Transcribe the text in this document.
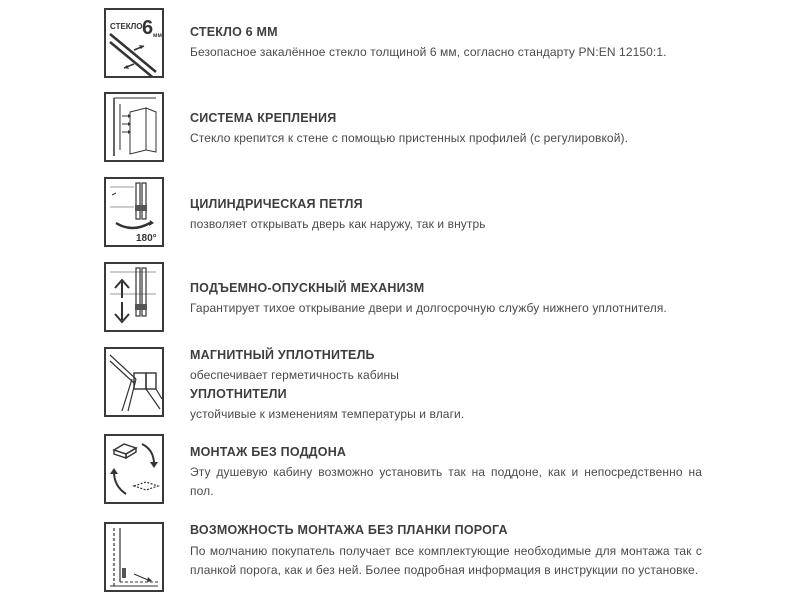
СТЕКЛО 6 мм СТЕКЛО 6 ММ

Безопасное закалённое стекло толщиной 6 мм, согласно стандарту PN:EN 12150:1.

СИСТЕМА КРЕПЛЕНИЯ

Стекло крепится к стене с помощью пристенных профилей (с регулировкой).

180°

ЦИЛИНДРИЧЕСКАЯ ПЕТЛЯ

позволяет открывать дверь как наружу, так и внутрь

ПОДЪЕМНО-ОПУСКНЫЙ МЕХАНИЗМ

Гарантирует тихое открывание двери и долгосрочную службу нижнего уплотнителя.

МАГНИТНЫЙ УПЛОТНИТЕЛЬ

обеспечивает герметичность кабины

УПЛОТНИТЕЛИ

устойчивые к изменениям температуры и влаги.

МОНТАЖ БЕЗ ПОДДОНА

Эту душевую кабину возможно установить так на поддоне, как и непосредственно на пол.

ВОЗМОЖНОСТЬ МОНТАЖА БЕЗ ПЛАНКИ ПОРОГА

По молчанию покупатель получает все комплектующие необходимые для монтажа так с планкой порога, как и без ней. Более подробная информация в инструкции по установке.
